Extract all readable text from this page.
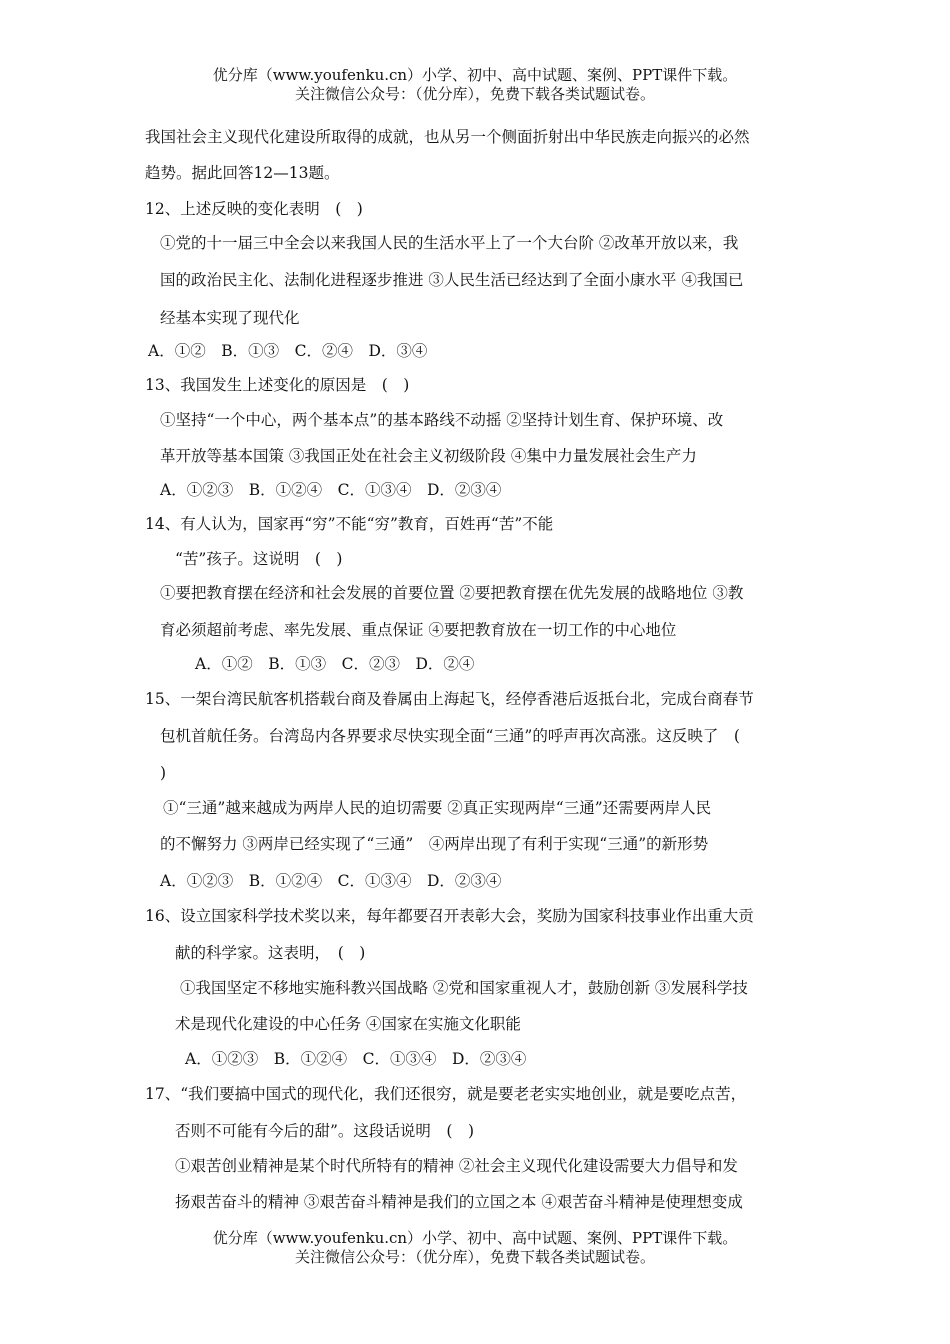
优分库（www.youfenku.cn）小学、初中、高中试题、案例、PPT课件下载。
关注微信公众号：（优分库），免费下载各类试题试卷。
我国社会主义现代化建设所取得的成就，也从另一个侧面折射出中华民族走向振兴的必然
趋势。据此回答12—13题。
12、上述反映的变化表明　(　)
①党的十一届三中全会以来我国人民的生活水平上了一个大台阶 ②改革开放以来，我
国的政治民主化、法制化进程逐步推进 ③人民生活已经达到了全面小康水平 ④我国已
经基本实现了现代化
A．①②　B．①③　C．②④　D．③④
13、我国发生上述变化的原因是　(　)
①坚持“一个中心，两个基本点”的基本路线不动摇 ②坚持计划生育、保护环境、改
革开放等基本国策 ③我国正处在社会主义初级阶段 ④集中力量发展社会生产力
A．①②③　B．①②④　C．①③④　D．②③④
14、有人认为，国家再“穷”不能“穷”教育，百姓再“苦”不能
“苦”孩子。这说明　(　)
①要把教育摆在经济和社会发展的首要位置 ②要把教育摆在优先发展的战略地位 ③教
育必须超前考虑、率先发展、重点保证 ④要把教育放在一切工作的中心地位
A．①②　B．①③　C．②③　D．②④
15、一架台湾民航客机搭载台商及眷属由上海起飞，经停香港后返抵台北，完成台商春节
包机首航任务。台湾岛内各界要求尽快实现全面“三通”的呼声再次高涨。这反映了　(
)
①“三通”越来越成为两岸人民的迫切需要 ②真正实现两岸“三通”还需要两岸人民
的不懈努力 ③两岸已经实现了“三通”　④两岸出现了有利于实现“三通”的新形势
A．①②③　B．①②④　C．①③④　D．②③④
16、设立国家科学技术奖以来，每年都要召开表彰大会，奖励为国家科技事业作出重大贡
献的科学家。这表明，　(　)
①我国坚定不移地实施科教兴国战略 ②党和国家重视人才，鼓励创新 ③发展科学技
术是现代化建设的中心任务 ④国家在实施文化职能
A．①②③　B．①②④　C．①③④　D．②③④
17、“我们要搞中国式的现代化，我们还很穷，就是要老老实实地创业，就是要吃点苦，
否则不可能有今后的甜”。这段话说明　(　)
①艰苦创业精神是某个时代所特有的精神 ②社会主义现代化建设需要大力倡导和发
扬艰苦奋斗的精神 ③艰苦奋斗精神是我们的立国之本 ④艰苦奋斗精神是使理想变成
优分库（www.youfenku.cn）小学、初中、高中试题、案例、PPT课件下载。
关注微信公众号：（优分库），免费下载各类试题试卷。
